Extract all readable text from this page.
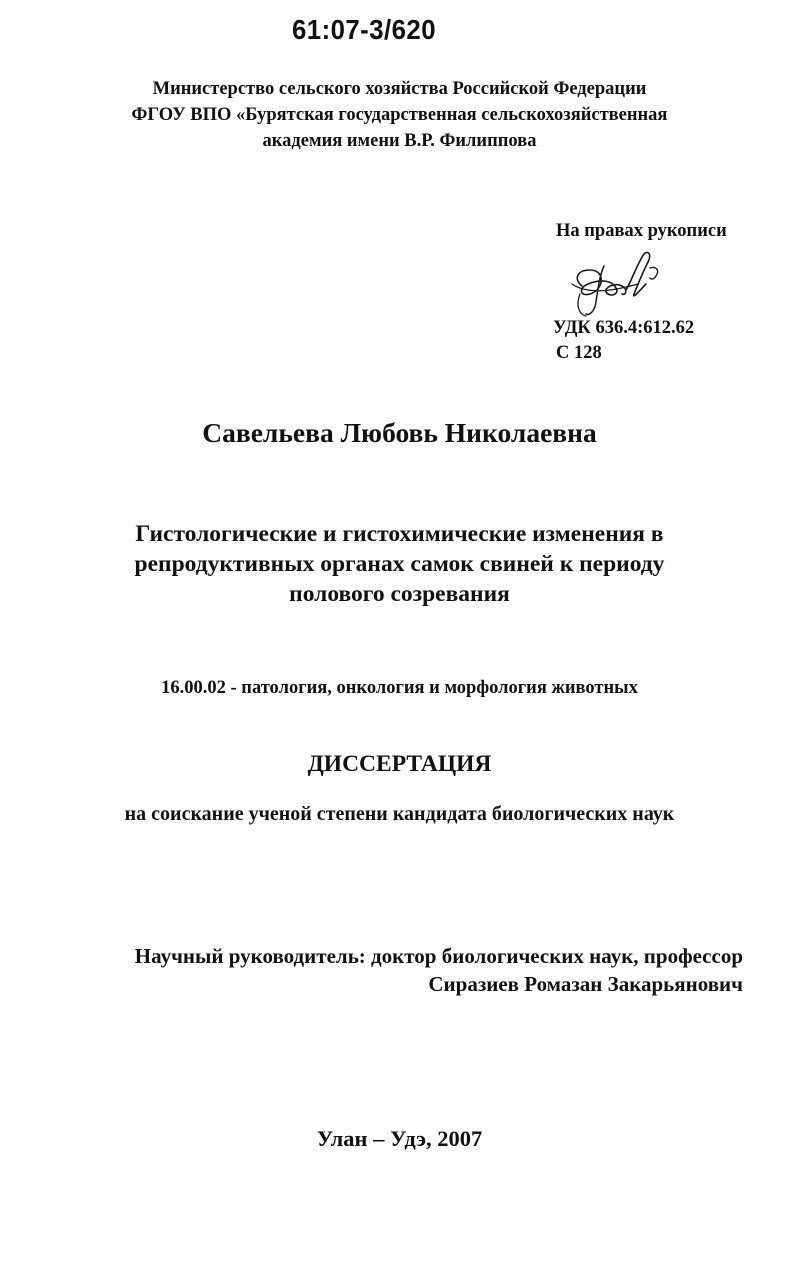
61:07-3/620
Министерство сельского хозяйства Российской Федерации
ФГОУ ВПО «Бурятская государственная сельскохозяйственная
академия имени В.Р. Филиппова
На правах рукописи
УДК 636.4:612.62
С 128
Савельева Любовь Николаевна
Гистологические и гистохимические изменения в
репродуктивных органах самок свиней к периоду
полового созревания
16.00.02 - патология, онкология и морфология животных
ДИССЕРТАЦИЯ
на соискание ученой степени кандидата биологических наук
Научный руководитель: доктор биологических наук, профессор
Сиразиев Ромазан Закарьянович
Улан – Удэ, 2007
